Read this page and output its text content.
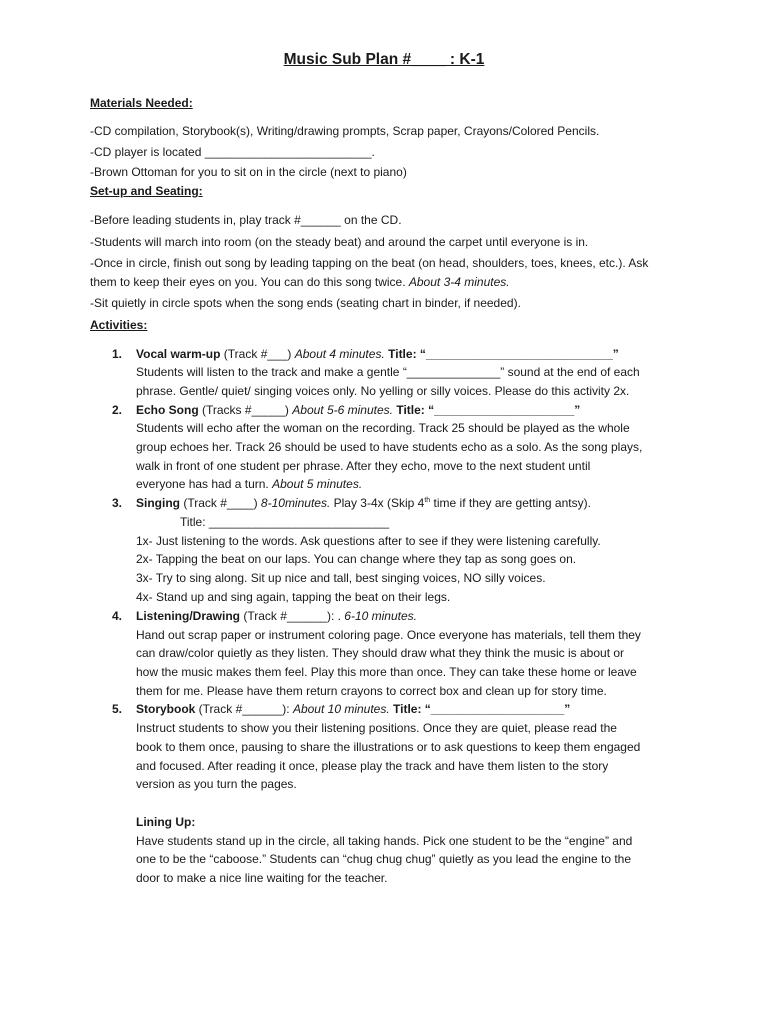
Music Sub Plan #____ : K-1
Materials Needed:
-CD compilation, Storybook(s), Writing/drawing prompts, Scrap paper, Crayons/Colored Pencils.
-CD player is located _________________________.
-Brown Ottoman for you to sit on in the circle (next to piano)
Set-up and Seating:
-Before leading students in, play track #______ on the CD.
-Students will march into room (on the steady beat) and around the carpet until everyone is in.
-Once in circle, finish out song by leading tapping on the beat (on head, shoulders, toes, knees, etc.). Ask
them to keep their eyes on you. You can do this song twice. About 3-4 minutes.
-Sit quietly in circle spots when the song ends (seating chart in binder, if needed).
Activities:
1. Vocal warm-up (Track #___) About 4 minutes. Title: “____________________________”
Students will listen to the track and make a gentle “______________” sound at the end of each
phrase. Gentle/ quiet/ singing voices only. No yelling or silly voices. Please do this activity 2x.
2. Echo Song (Tracks #_____) About 5-6 minutes. Title: “_____________________”
Students will echo after the woman on the recording. Track 25 should be played as the whole
group echoes her. Track 26 should be used to have students echo as a solo. As the song plays,
walk in front of one student per phrase. After they echo, move to the next student until
everyone has had a turn. About 5 minutes.
3. Singing (Track #____) 8-10minutes. Play 3-4x (Skip 4th time if they are getting antsy).
Title: ___________________________
1x- Just listening to the words. Ask questions after to see if they were listening carefully.
2x- Tapping the beat on our laps. You can change where they tap as song goes on.
3x- Try to sing along. Sit up nice and tall, best singing voices, NO silly voices.
4x- Stand up and sing again, tapping the beat on their legs.
4. Listening/Drawing (Track #______): . 6-10 minutes.
Hand out scrap paper or instrument coloring page. Once everyone has materials, tell them they
can draw/color quietly as they listen. They should draw what they think the music is about or
how the music makes them feel. Play this more than once. They can take these home or leave
them for me. Please have them return crayons to correct box and clean up for story time.
5. Storybook (Track #______): About 10 minutes. Title: “____________________”
Instruct students to show you their listening positions. Once they are quiet, please read the
book to them once, pausing to share the illustrations or to ask questions to keep them engaged
and focused. After reading it once, please play the track and have them listen to the story
version as you turn the pages.
Lining Up:
Have students stand up in the circle, all taking hands. Pick one student to be the “engine” and
one to be the “caboose.” Students can “chug chug chug” quietly as you lead the engine to the
door to make a nice line waiting for the teacher.
